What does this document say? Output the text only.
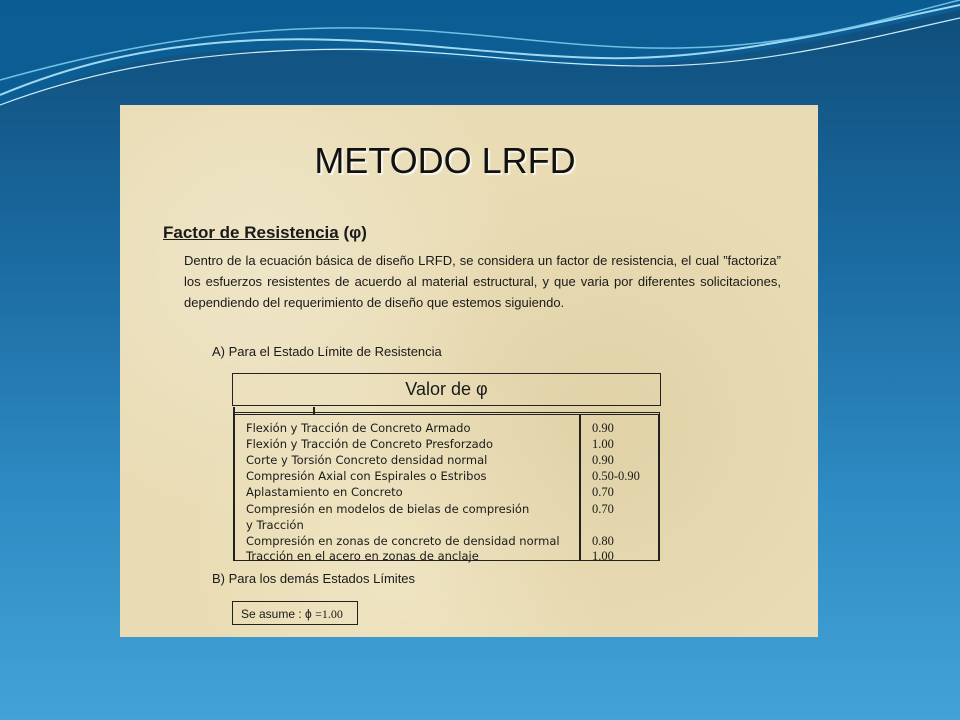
METODO LRFD
Factor de Resistencia (φ)
Dentro de la ecuación básica de diseño LRFD, se considera un factor de resistencia, el cual ”factoriza” los esfuerzos resistentes de acuerdo al material estructural, y que varia por diferentes solicitaciones, dependiendo del requerimiento de diseño que estemos siguiendo.
A) Para el Estado Límite de Resistencia
Valor de φ
Flexión y Tracción de Concreto Armado	0.90
Flexión y Tracción de Concreto Presforzado	1.00
Corte y Torsión Concreto densidad normal	0.90
Compresión Axial con Espirales o Estribos	0.50-0.90
Aplastamiento en Concreto	0.70
Compresión en modelos de bielas de compresión	0.70
y Tracción
Compresión en zonas de concreto de densidad normal	0.80
Tracción en el acero en zonas de anclaje	1.00
B) Para los demás Estados Límites
Se asume : ϕ =1.00
